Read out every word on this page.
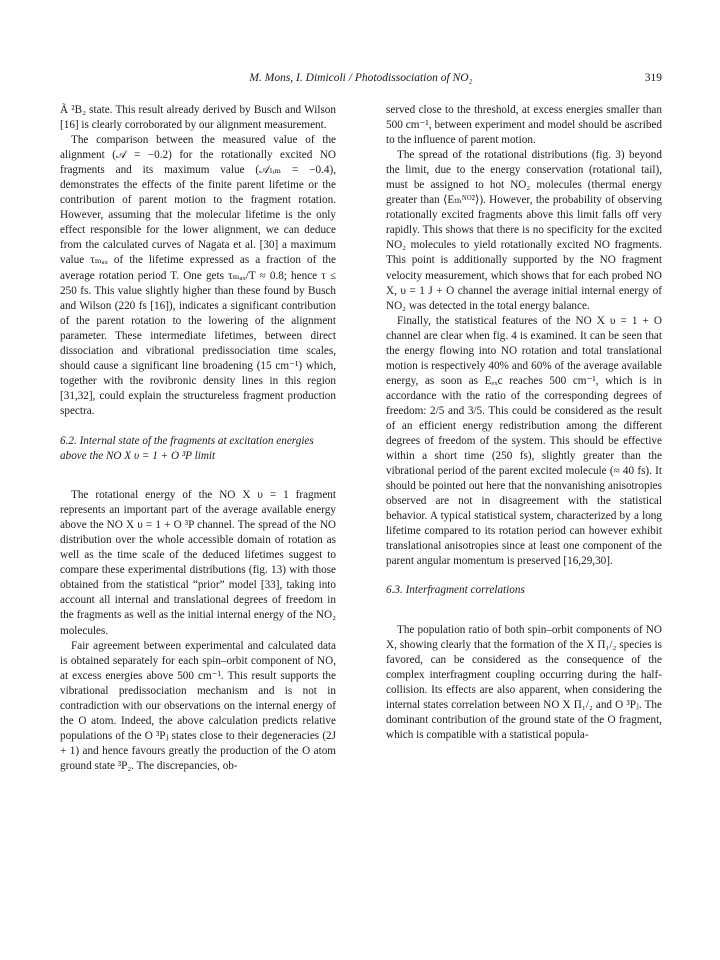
M. Mons, I. Dimicoli / Photodissociation of NO₂	319

Ã ²B₂ state. This result already derived by Busch and Wilson [16] is clearly corroborated by our alignment measurement.

The comparison between the measured value of the alignment (𝒜 = −0.2) for the rotationally excited NO fragments and its maximum value (𝒜ₗᵢₘ = −0.4), demonstrates the effects of the finite parent lifetime or the contribution of parent motion to the fragment rotation. However, assuming that the molecular lifetime is the only effect responsible for the lower alignment, we can deduce from the calculated curves of Nagata et al. [30] a maximum value τₘₐₓ of the lifetime expressed as a fraction of the average rotation period T. One gets τₘₐₓ/T ≈ 0.8; hence τ ≤ 250 fs. This value slightly higher than these found by Busch and Wilson (220 fs [16]), indicates a significant contribution of the parent rotation to the lowering of the alignment parameter. These intermediate lifetimes, between direct dissociation and vibrational predissociation time scales, should cause a significant line broadening (15 cm⁻¹) which, together with the rovibronic density lines in this region [31,32], could explain the structureless fragment production spectra.

6.2. Internal state of the fragments at excitation energies above the NO X υ = 1 + O ³P limit

The rotational energy of the NO X υ = 1 fragment represents an important part of the average available energy above the NO X υ = 1 + O ³P channel. The spread of the NO distribution over the whole accessible domain of rotation as well as the time scale of the deduced lifetimes suggest to compare these experimental distributions (fig. 13) with those obtained from the statistical “prior” model [33], taking into account all internal and translational degrees of freedom in the fragments as well as the initial internal energy of the NO₂ molecules.

Fair agreement between experimental and calculated data is obtained separately for each spin–orbit component of NO, at excess energies above 500 cm⁻¹. This result supports the vibrational predissociation mechanism and is not in contradiction with our observations on the internal energy of the O atom. Indeed, the above calculation predicts relative populations of the O ³Pⱼ states close to their degeneracies (2J + 1) and hence favours greatly the production of the O atom ground state ³P₂. The discrepancies, ob-

served close to the threshold, at excess energies smaller than 500 cm⁻¹, between experiment and model should be ascribed to the influence of parent motion.

The spread of the rotational distributions (fig. 3) beyond the limit, due to the energy conservation (rotational tail), must be assigned to hot NO₂ molecules (thermal energy greater than ⟨Eₜₕᴺᴼ²⟩). However, the probability of observing rotationally excited fragments above this limit falls off very rapidly. This shows that there is no specificity for the excited NO₂ molecules to yield rotationally excited NO fragments. This point is additionally supported by the NO fragment velocity measurement, which shows that for each probed NO X, υ = 1 J + O channel the average initial internal energy of NO₂ was detected in the total energy balance.

Finally, the statistical features of the NO X υ = 1 + O channel are clear when fig. 4 is examined. It can be seen that the energy flowing into NO rotation and total translational motion is respectively 40% and 60% of the average available energy, as soon as Eₑₓc reaches 500 cm⁻¹, which is in accordance with the ratio of the corresponding degrees of freedom: 2/5 and 3/5. This could be considered as the result of an efficient energy redistribution among the different degrees of freedom of the system. This should be effective within a short time (250 fs), slightly greater than the vibrational period of the parent excited molecule (≈ 40 fs). It should be pointed out here that the nonvanishing anisotropies observed are not in disagreement with the statistical behavior. A typical statistical system, characterized by a long lifetime compared to its rotation period can however exhibit translational anisotropies since at least one component of the parent angular momentum is preserved [16,29,30].

6.3. Interfragment correlations

The population ratio of both spin–orbit components of NO X, showing clearly that the formation of the X Π₁/₂ species is favored, can be considered as the consequence of the complex interfragment coupling occurring during the half-collision. Its effects are also apparent, when considering the internal states correlation between NO X Π₁/₂ and O ³Pⱼ. The dominant contribution of the ground state of the O fragment, which is compatible with a statistical popula-
